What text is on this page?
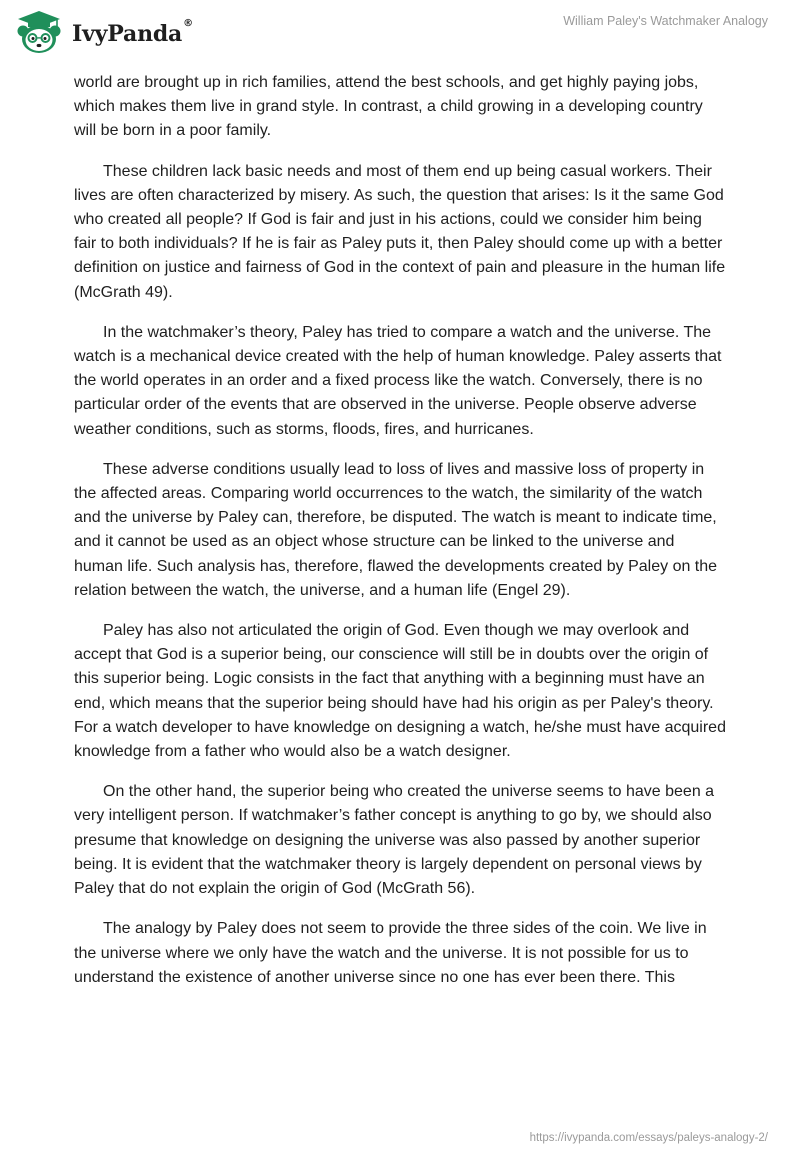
IvyPanda®	William Paley's Watchmaker Analogy

world are brought up in rich families, attend the best schools, and get highly paying jobs, which makes them live in grand style. In contrast, a child growing in a developing country will be born in a poor family.

These children lack basic needs and most of them end up being casual workers. Their lives are often characterized by misery. As such, the question that arises: Is it the same God who created all people? If God is fair and just in his actions, could we consider him being fair to both individuals? If he is fair as Paley puts it, then Paley should come up with a better definition on justice and fairness of God in the context of pain and pleasure in the human life (McGrath 49).

In the watchmaker’s theory, Paley has tried to compare a watch and the universe. The watch is a mechanical device created with the help of human knowledge. Paley asserts that the world operates in an order and a fixed process like the watch. Conversely, there is no particular order of the events that are observed in the universe. People observe adverse weather conditions, such as storms, floods, fires, and hurricanes.

These adverse conditions usually lead to loss of lives and massive loss of property in the affected areas. Comparing world occurrences to the watch, the similarity of the watch and the universe by Paley can, therefore, be disputed. The watch is meant to indicate time, and it cannot be used as an object whose structure can be linked to the universe and human life. Such analysis has, therefore, flawed the developments created by Paley on the relation between the watch, the universe, and a human life (Engel 29).

Paley has also not articulated the origin of God. Even though we may overlook and accept that God is a superior being, our conscience will still be in doubts over the origin of this superior being. Logic consists in the fact that anything with a beginning must have an end, which means that the superior being should have had his origin as per Paley's theory. For a watch developer to have knowledge on designing a watch, he/she must have acquired knowledge from a father who would also be a watch designer.

On the other hand, the superior being who created the universe seems to have been a very intelligent person. If watchmaker’s father concept is anything to go by, we should also presume that knowledge on designing the universe was also passed by another superior being. It is evident that the watchmaker theory is largely dependent on personal views by Paley that do not explain the origin of God (McGrath 56).

The analogy by Paley does not seem to provide the three sides of the coin. We live in the universe where we only have the watch and the universe. It is not possible for us to understand the existence of another universe since no one has ever been there. This

https://ivypanda.com/essays/paleys-analogy-2/
